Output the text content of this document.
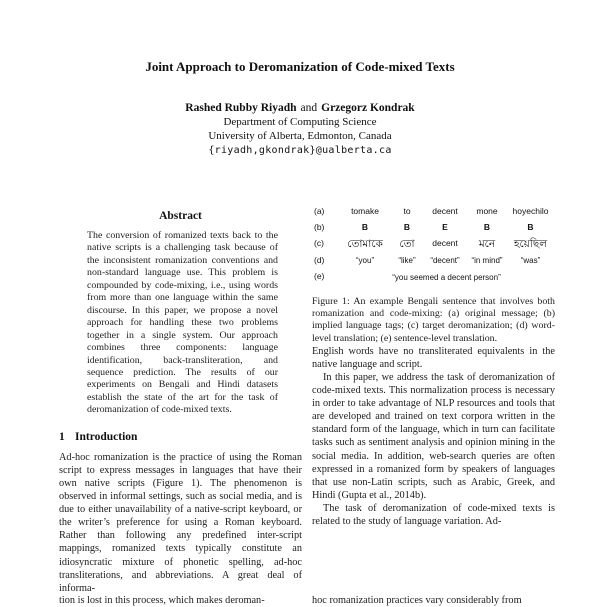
Joint Approach to Deromanization of Code-mixed Texts
Rashed Rubby Riyadh and Grzegorz Kondrak
Department of Computing Science
University of Alberta, Edmonton, Canada
{riyadh,gkondrak}@ualberta.ca
Abstract

The conversion of romanized texts back to the native scripts is a challenging task because of the inconsistent romanization conventions and non-standard language use. This problem is compounded by code-mixing, i.e., using words from more than one language within the same discourse. In this paper, we propose a novel approach for handling these two problems together in a single system. Our approach combines three components: language identification, back-transliteration, and sequence prediction. The results of our experiments on Bengali and Hindi datasets establish the state of the art for the task of deromanization of code-mixed texts.

1 Introduction

Ad-hoc romanization is the practice of using the Roman script to express messages in languages that have their own native scripts (Figure 1). The phenomenon is observed in informal settings, such as social media, and is due to either unavailability of a native-script keyboard, or the writer’s preference for using a Roman keyboard. Rather than following any predefined inter-script mappings, romanized texts typically constitute an idiosyncratic mixture of phonetic spelling, ad-hoc transliterations, and abbreviations. A great deal of informa-

(a)	tomake	to	decent	mone	hoyechilo
(b)	B	B	E	B	B
(c)	তোমাকে	তো	decent	মনে	হয়েছিল
(d)	“you”	“like”	“decent”	“in mind”	“was”
(e)	“you seemed a decent person”

Figure 1: An example Bengali sentence that involves both romanization and code-mixing: (a) original message; (b) implied language tags; (c) target deromanization; (d) word-level translation; (e) sentence-level translation.

English words have no transliterated equivalents in the native language and script.

In this paper, we address the task of deromanization of code-mixed texts. This normalization process is necessary in order to take advantage of NLP resources and tools that are developed and trained on text corpora written in the standard form of the language, which in turn can facilitate tasks such as sentiment analysis and opinion mining in the social media. In addition, web-search queries are often expressed in a romanized form by speakers of languages that use non-Latin scripts, such as Arabic, Greek, and Hindi (Gupta et al., 2014b).

The task of deromanization of code-mixed texts is related to the study of language variation. Ad-

tion is lost in this process, which makes deroman-	hoc romanization practices vary considerably from
